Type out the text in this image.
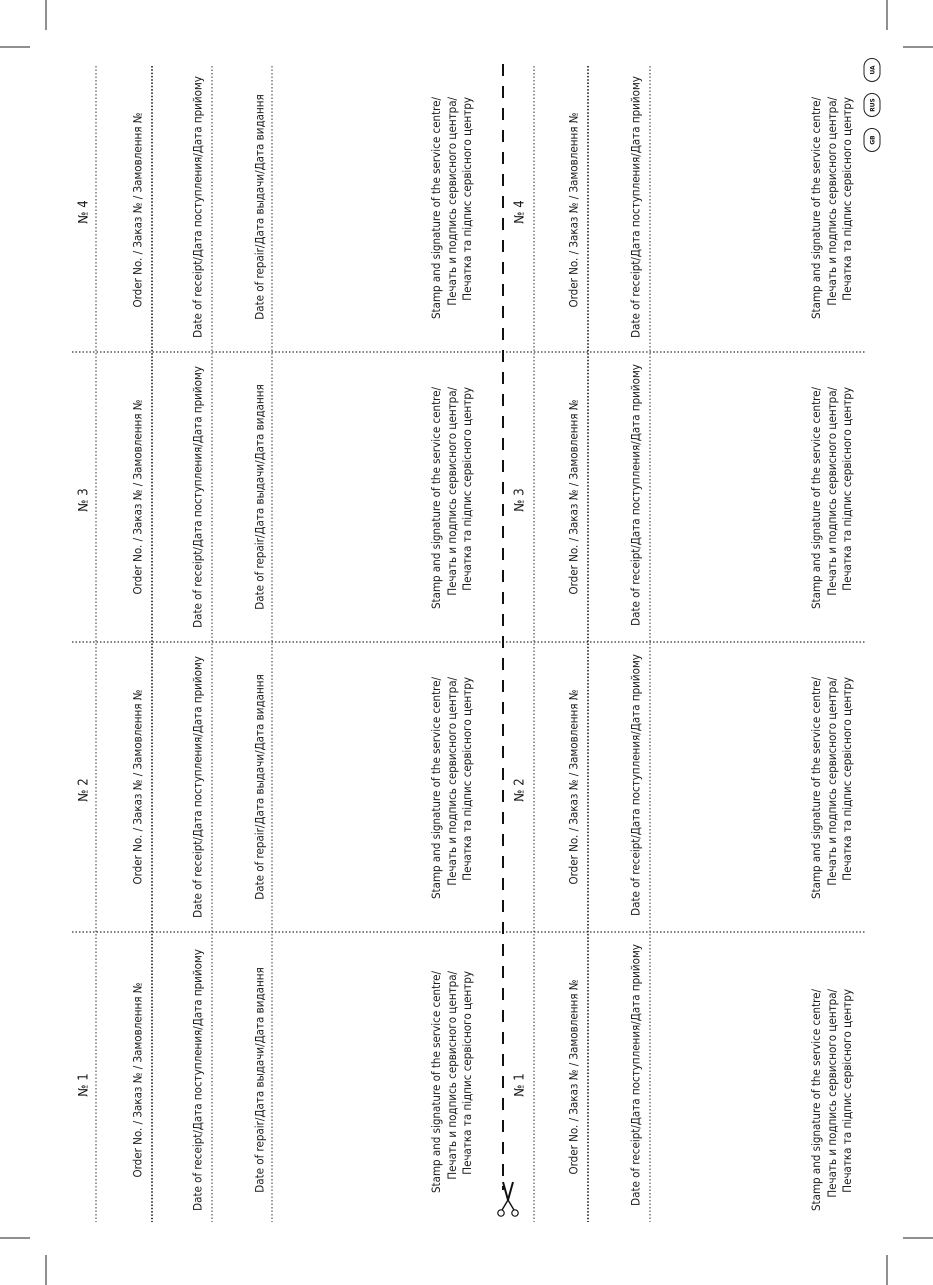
№ 1	Order No. / Заказ № / Замовлення №	Date of receipt/Дата поступления/Дата прийому	Date of repair/Дата выдачи/Дата видання	Stamp and signature of the service centre/ Печать и подпись сервисного центра/ Печатка та підпис сервісного центру
№ 2	Order No. / Заказ № / Замовлення №	Date of receipt/Дата поступления/Дата прийому	Date of repair/Дата выдачи/Дата видання	Stamp and signature of the service centre/ Печать и подпись сервисного центра/ Печатка та підпис сервісного центру
№ 3	Order No. / Заказ № / Замовлення №	Date of receipt/Дата поступления/Дата прийому	Date of repair/Дата выдачи/Дата видання	Stamp and signature of the service centre/ Печать и подпись сервисного центра/ Печатка та підпис сервісного центру
№ 4	Order No. / Заказ № / Замовлення №	Date of receipt/Дата поступления/Дата прийому	Date of repair/Дата выдачи/Дата видання	Stamp and signature of the service centre/ Печать и подпись сервисного центра/ Печатка та підпис сервісного центру
№ 1	Order No. / Заказ № / Замовлення №	Date of receipt/Дата поступления/Дата прийому	Stamp and signature of the service centre/ Печать и подпись сервисного центра/ Печатка та підпис сервісного центру
№ 2	Order No. / Заказ № / Замовлення №	Date of receipt/Дата поступления/Дата прийому	Stamp and signature of the service centre/ Печать и подпись сервисного центра/ Печатка та підпис сервісного центру
№ 3	Order No. / Заказ № / Замовлення №	Date of receipt/Дата поступления/Дата прийому	Stamp and signature of the service centre/ Печать и подпись сервисного центра/ Печатка та підпис сервісного центру
№ 4	Order No. / Заказ № / Замовлення №	Date of receipt/Дата поступления/Дата прийому	Stamp and signature of the service centre/ Печать и подпись сервисного центра/ Печатка та підпис сервісного центру
UA
RUS
GB
